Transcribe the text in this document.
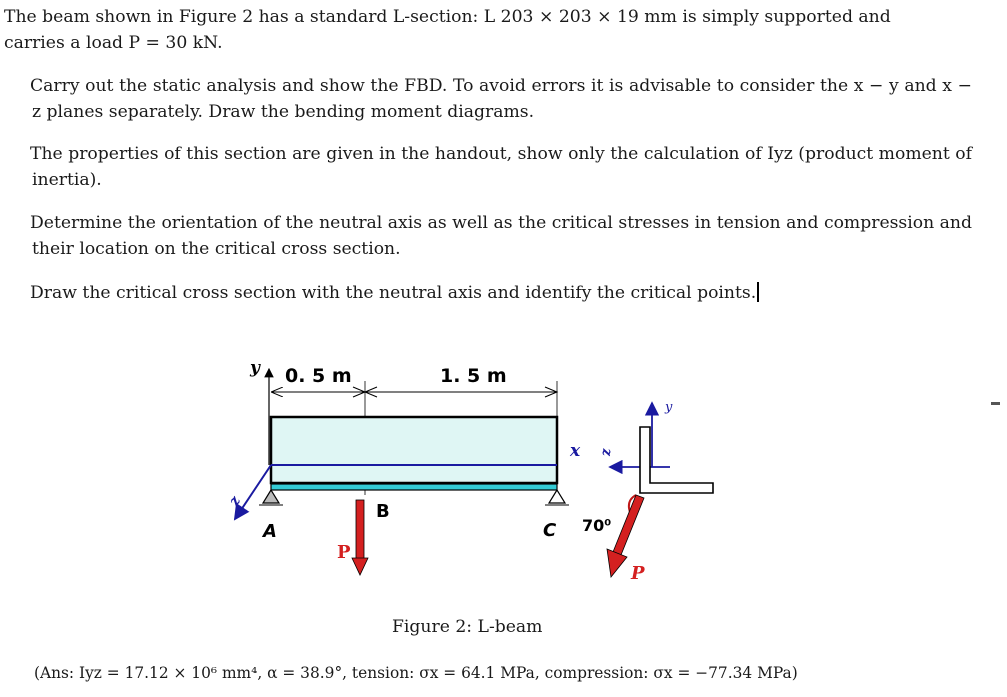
The beam shown in Figure 2 has a standard L-section: L 203 × 203 × 19 mm is simply supported and
carries a load P = 30 kN.
Carry out the static analysis and show the FBD. To avoid errors it is advisable to consider the x − y and x − z planes separately. Draw the bending moment diagrams.
The properties of this section are given in the handout, show only the calculation of Iyz (product moment of inertia).
Determine the orientation of the neutral axis as well as the critical stresses in tension and compression and their location on the critical cross section.
Draw the critical cross section with the neutral axis and identify the critical points.
y 0. 5 m	1. 5 m
z
x
A	C
B
P
y
z
70⁰
P
Figure 2: L-beam
(Ans: Iyz = 17.12 × 10⁶ mm⁴, α = 38.9°, tension: σx = 64.1 MPa, compression: σx = −77.34 MPa)
